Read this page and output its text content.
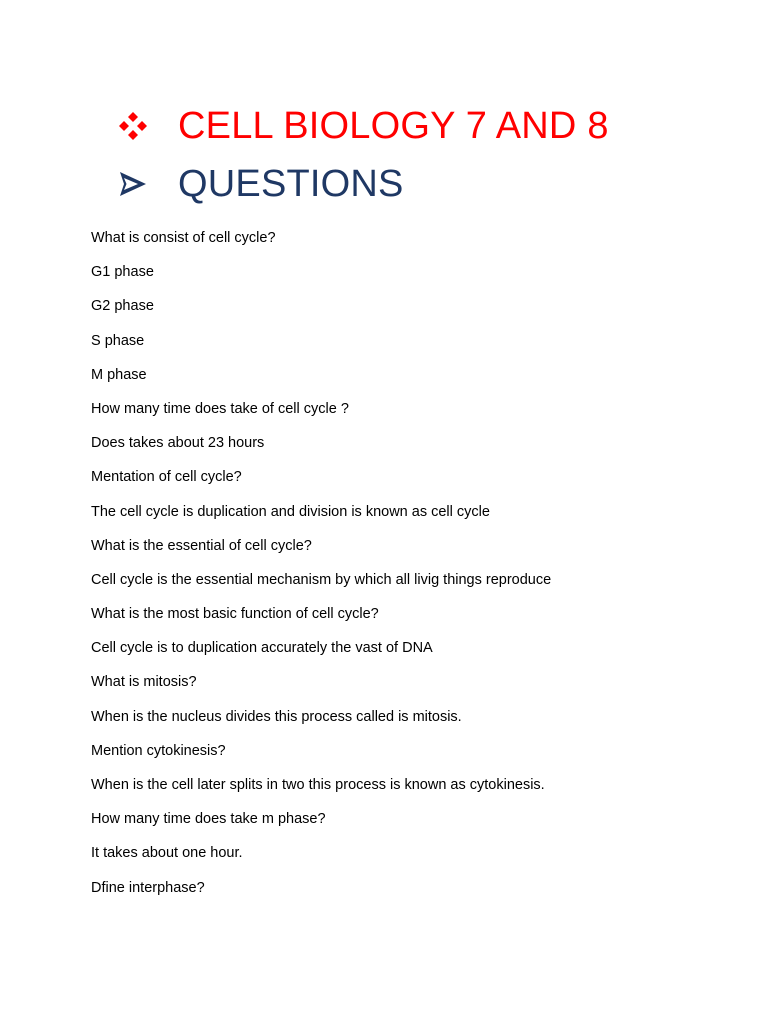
CELL BIOLOGY 7 AND 8
QUESTIONS
What is consist of cell cycle?
G1 phase
G2 phase
S phase
M phase
How many time does take of cell cycle ?
Does takes about 23 hours
Mentation of cell cycle?
The cell cycle is duplication and division is known as cell cycle
What is the essential of cell cycle?
Cell cycle is the essential mechanism by which all livig things reproduce
What is the most basic function of cell cycle?
Cell cycle is to duplication accurately the vast of DNA
What is mitosis?
When is the nucleus divides this process called is mitosis.
Mention cytokinesis?
When is the cell later splits in two this process is known as cytokinesis.
How many time does take m phase?
It takes about one hour.
Dfine interphase?
